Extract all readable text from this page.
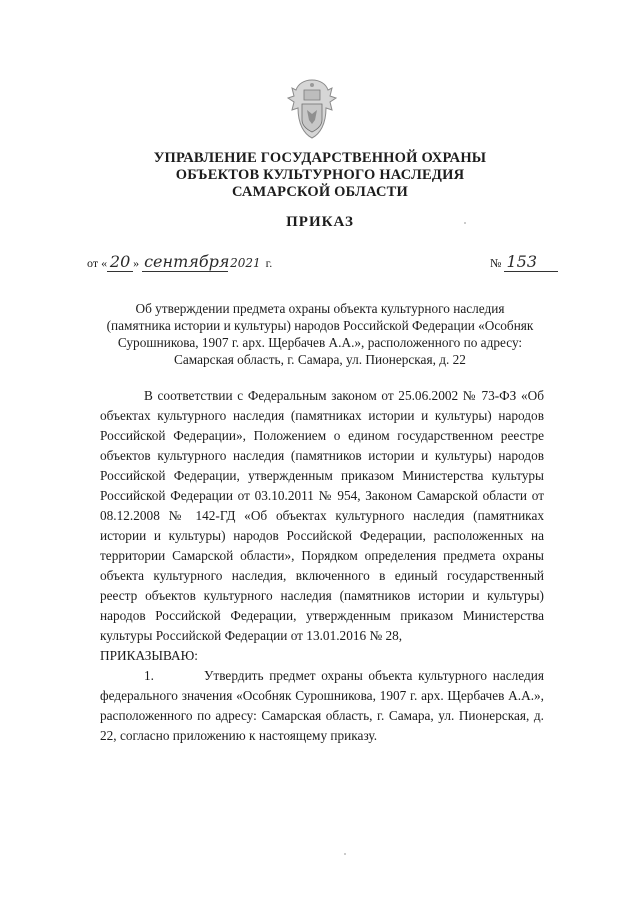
УПРАВЛЕНИЕ ГОСУДАРСТВЕННОЙ ОХРАНЫ
ОБЪЕКТОВ КУЛЬТУРНОГО НАСЛЕДИЯ
САМАРСКОЙ ОБЛАСТИ
ПРИКАЗ
от « 20 » сентября2021 г.	№ 153
Об утверждении предмета охраны объекта культурного наследия
(памятника истории и культуры) народов Российской Федерации «Особняк
Сурошникова, 1907 г. арх. Щербачев А.А.», расположенного по адресу:
Самарская область, г. Самара, ул. Пионерская, д. 22

В соответствии с Федеральным законом от 25.06.2002 № 73-ФЗ «Об объектах культурного наследия (памятниках истории и культуры) народов Российской Федерации», Положением о едином государственном реестре объектов культурного наследия (памятников истории и культуры) народов Российской Федерации, утвержденным приказом Министерства культуры Российской Федерации от 03.10.2011 № 954, Законом Самарской области от 08.12.2008 № 142-ГД «Об объектах культурного наследия (памятниках истории и культуры) народов Российской Федерации, расположенных на территории Самарской области», Порядком определения предмета охраны объекта культурного наследия, включенного в единый государственный реестр объектов культурного наследия (памятников истории и культуры) народов Российской Федерации, утвержденным приказом Министерства культуры Российской Федерации от 13.01.2016 № 28,

ПРИКАЗЫВАЮ:

1.	Утвердить предмет охраны объекта культурного наследия федерального значения «Особняк Сурошникова, 1907 г. арх. Щербачев А.А.», расположенного по адресу: Самарская область, г. Самара, ул. Пионерская, д. 22, согласно приложению к настоящему приказу.
